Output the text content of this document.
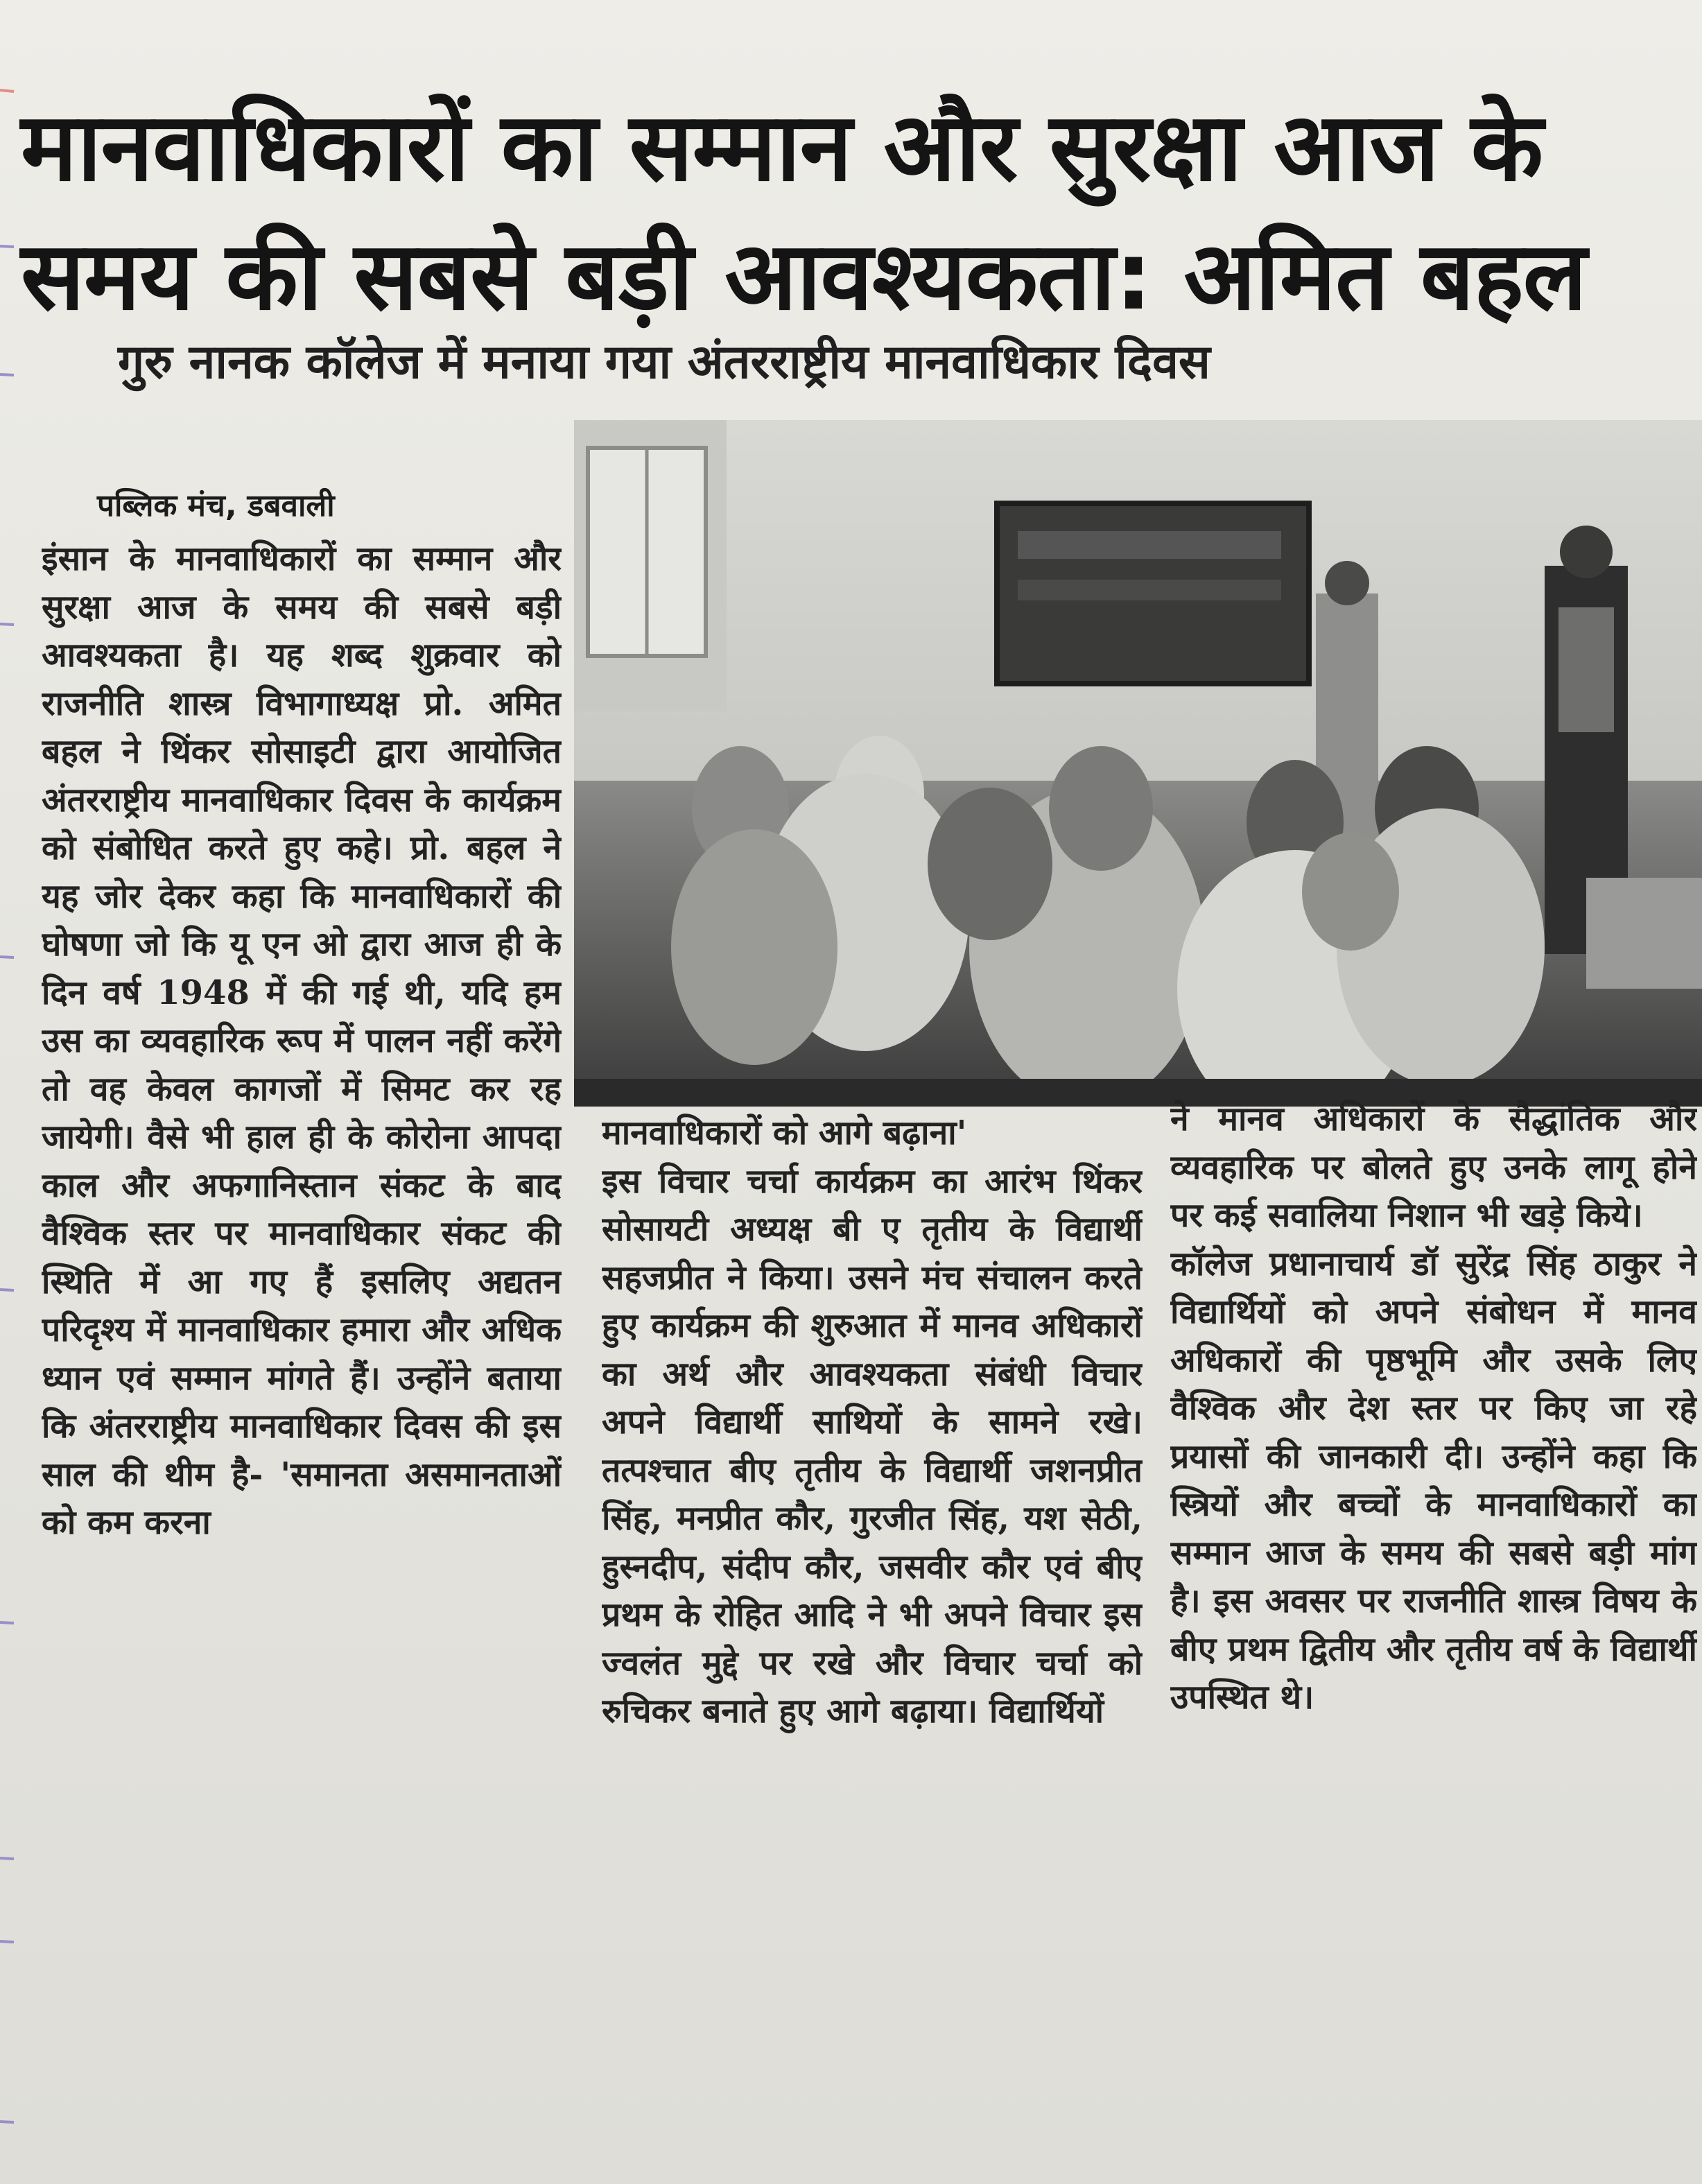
मानवाधिकारों का सम्मान और सुरक्षा आज के समय की सबसे बड़ी आवश्यकता: अमित बहल
गुरु नानक कॉलेज में मनाया गया अंतरराष्ट्रीय मानवाधिकार दिवस
पब्लिक मंच, डबवाली

इंसान के मानवाधिकारों का सम्मान और सुरक्षा आज के समय की सबसे बड़ी आवश्यकता है। यह शब्द शुक्रवार को राजनीति शास्त्र विभागाध्यक्ष प्रो. अमित बहल ने थिंकर सोसाइटी द्वारा आयोजित अंतरराष्ट्रीय मानवाधिकार दिवस के कार्यक्रम को संबोधित करते हुए कहे। प्रो. बहल ने यह जोर देकर कहा कि मानवाधिकारों की घोषणा जो कि यू एन ओ द्वारा आज ही के दिन वर्ष 1948 में की गई थी, यदि हम उस का व्यवहारिक रूप में पालन नहीं करेंगे तो वह केवल कागजों में सिमट कर रह जायेगी। वैसे भी हाल ही के कोरोना आपदा काल और अफगानिस्तान संकट के बाद वैश्विक स्तर पर मानवाधिकार संकट की स्थिति में आ गए हैं इसलिए अद्यतन परिदृश्य में मानवाधिकार हमारा और अधिक ध्यान एवं सम्मान मांगते हैं। उन्होंने बताया कि अंतरराष्ट्रीय मानवाधिकार दिवस की इस साल की थीम है- 'समानता असमानताओं को कम करना

मानवाधिकारों को आगे बढ़ाना'
इस विचार चर्चा कार्यक्रम का आरंभ थिंकर सोसायटी अध्यक्ष बी ए तृतीय के विद्यार्थी सहजप्रीत ने किया। उसने मंच संचालन करते हुए कार्यक्रम की शुरुआत में मानव अधिकारों का अर्थ और आवश्यकता संबंधी विचार अपने विद्यार्थी साथियों के सामने रखे। तत्पश्चात बीए तृतीय के विद्यार्थी जशनप्रीत सिंह, मनप्रीत कौर, गुरजीत सिंह, यश सेठी, हुस्नदीप, संदीप कौर, जसवीर कौर एवं बीए प्रथम के रोहित आदि ने भी अपने विचार इस ज्वलंत मुद्दे पर रखे और विचार चर्चा को रुचिकर बनाते हुए आगे बढ़ाया। विद्यार्थियों

ने मानव अधिकारों के सैद्धांतिक और व्यवहारिक पर बोलते हुए उनके लागू होने पर कई सवालिया निशान भी खड़े किये।
कॉलेज प्रधानाचार्य डॉ सुरेंद्र सिंह ठाकुर ने विद्यार्थियों को अपने संबोधन में मानव अधिकारों की पृष्ठभूमि और उसके लिए वैश्विक और देश स्तर पर किए जा रहे प्रयासों की जानकारी दी। उन्होंने कहा कि स्त्रियों और बच्चों के मानवाधिकारों का सम्मान आज के समय की सबसे बड़ी मांग है। इस अवसर पर राजनीति शास्त्र विषय के बीए प्रथम द्वितीय और तृतीय वर्ष के विद्यार्थी उपस्थित थे।
